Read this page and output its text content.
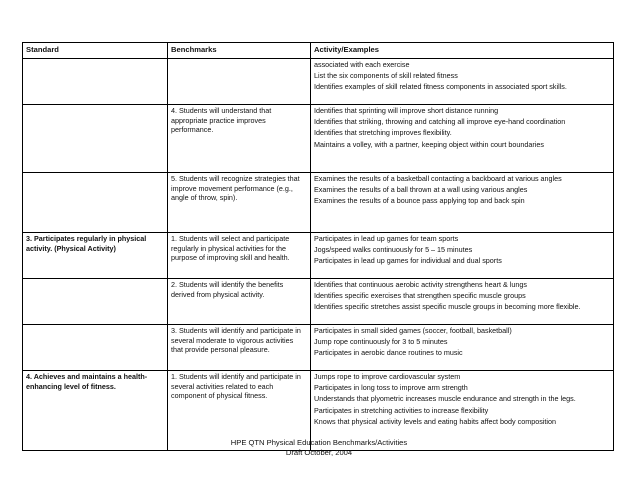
Standard	Benchmarks	Activity/Examples

		associated with each exercise
List the six components of skill related fitness
Identifies examples of skill related fitness components in associated sport skills.

	4. Students will understand that appropriate practice improves performance.	Identifies that sprinting will improve short distance running
Identifies that striking, throwing and catching all improve eye-hand coordination
Identifies that stretching improves flexibility.
Maintains a volley, with a partner, keeping object within court boundaries

	5. Students will recognize strategies that improve movement performance (e.g., angle of throw, spin).	Examines the results of a basketball contacting a backboard at various angles
Examines the results of a ball thrown at a wall using various angles
Examines the results of a bounce pass applying top and back spin

3. Participates regularly in physical activity. (Physical Activity)	1. Students will select and participate regularly in physical activities for the purpose of improving skill and health.	Participates in lead up games for team sports
Jogs/speed walks continuously for 5 – 15 minutes
Participates in lead up games for individual and dual sports

	2. Students will identify the benefits derived from physical activity.	Identifies that continuous aerobic activity strengthens heart & lungs
Identifies specific exercises that strengthen specific muscle groups
Identifies specific stretches assist specific muscle groups in becoming more flexible.

	3. Students will identify and participate in several moderate to vigorous activities that provide personal pleasure.	Participates in small sided games (soccer, football, basketball)
Jump rope continuously for 3 to 5 minutes
Participates in aerobic dance routines to music

4. Achieves and maintains a health-enhancing level of fitness.	1. Students will identify and participate in several activities related to each component of physical fitness.	Jumps rope to improve cardiovascular system
Participates in long toss to improve arm strength
Understands that plyometric increases muscle endurance and strength in the legs.
Participates in stretching activities to increase flexibility
Knows that physical activity levels and eating habits affect body composition
HPE QTN Physical Education Benchmarks/Activities
Draft October, 2004
